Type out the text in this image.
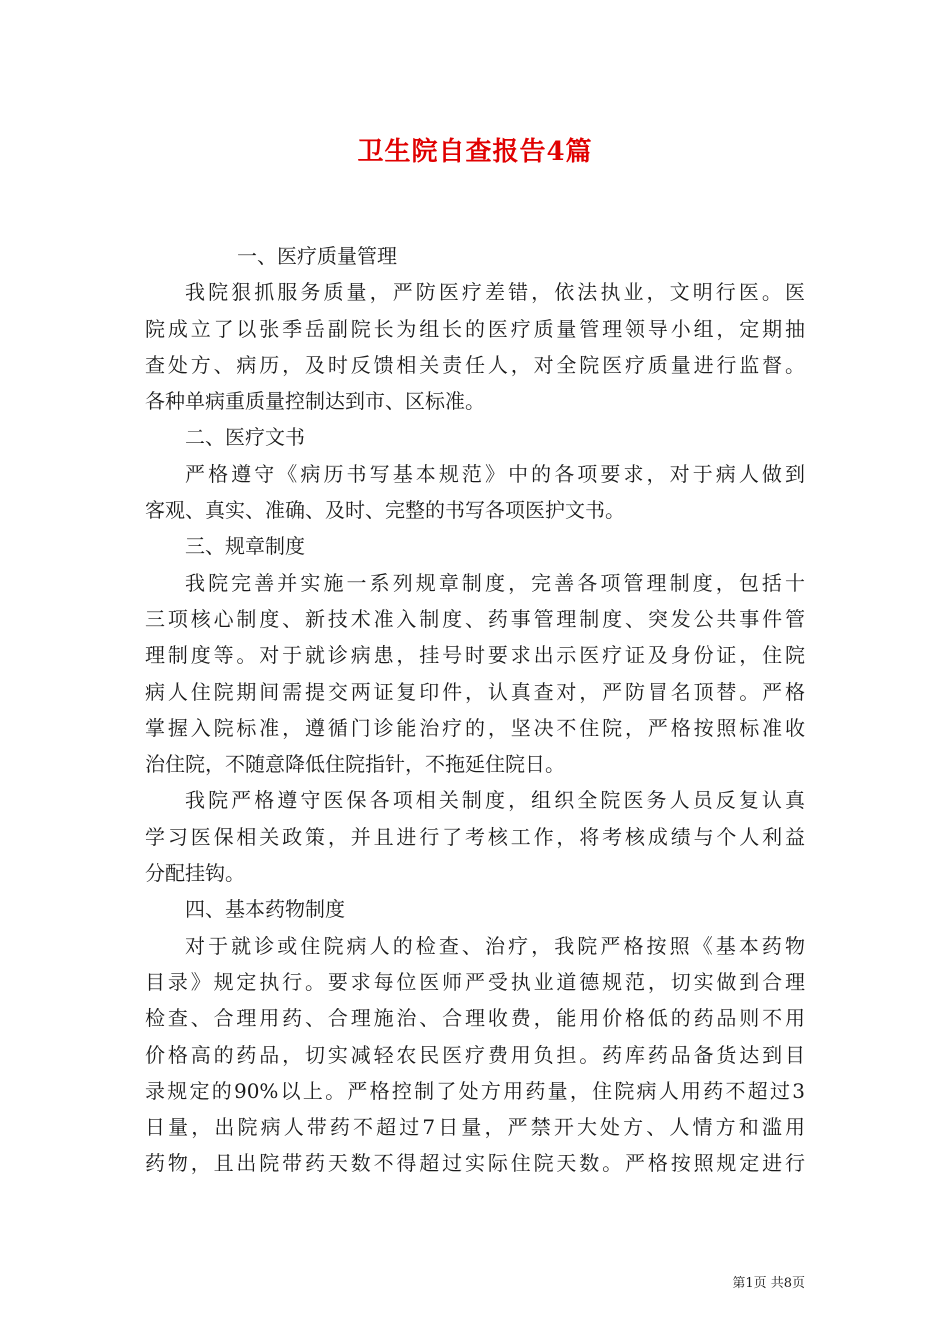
卫生院自查报告4篇
一、医疗质量管理
我院狠抓服务质量，严防医疗差错，依法执业，文明行医。医
院成立了以张季岳副院长为组长的医疗质量管理领导小组，定期抽
查处方、病历，及时反馈相关责任人，对全院医疗质量进行监督。
各种单病重质量控制达到市、区标准。
二、医疗文书
严格遵守《病历书写基本规范》中的各项要求，对于病人做到
客观、真实、准确、及时、完整的书写各项医护文书。
三、规章制度
我院完善并实施一系列规章制度，完善各项管理制度，包括十
三项核心制度、新技术准入制度、药事管理制度、突发公共事件管
理制度等。对于就诊病患，挂号时要求出示医疗证及身份证，住院
病人住院期间需提交两证复印件，认真查对，严防冒名顶替。严格
掌握入院标准，遵循门诊能治疗的，坚决不住院，严格按照标准收
治住院，不随意降低住院指针，不拖延住院日。
我院严格遵守医保各项相关制度，组织全院医务人员反复认真
学习医保相关政策，并且进行了考核工作，将考核成绩与个人利益
分配挂钩。
四、基本药物制度
对于就诊或住院病人的检查、治疗，我院严格按照《基本药物
目录》规定执行。要求每位医师严受执业道德规范，切实做到合理
检查、合理用药、合理施治、合理收费，能用价格低的药品则不用
价格高的药品，切实减轻农民医疗费用负担。药库药品备货达到目
录规定的90%以上。严格控制了处方用药量，住院病人用药不超过3
日量，出院病人带药不超过7日量，严禁开大处方、人情方和滥用
药物，且出院带药天数不得超过实际住院天数。严格按照规定进行
第1页 共8页
